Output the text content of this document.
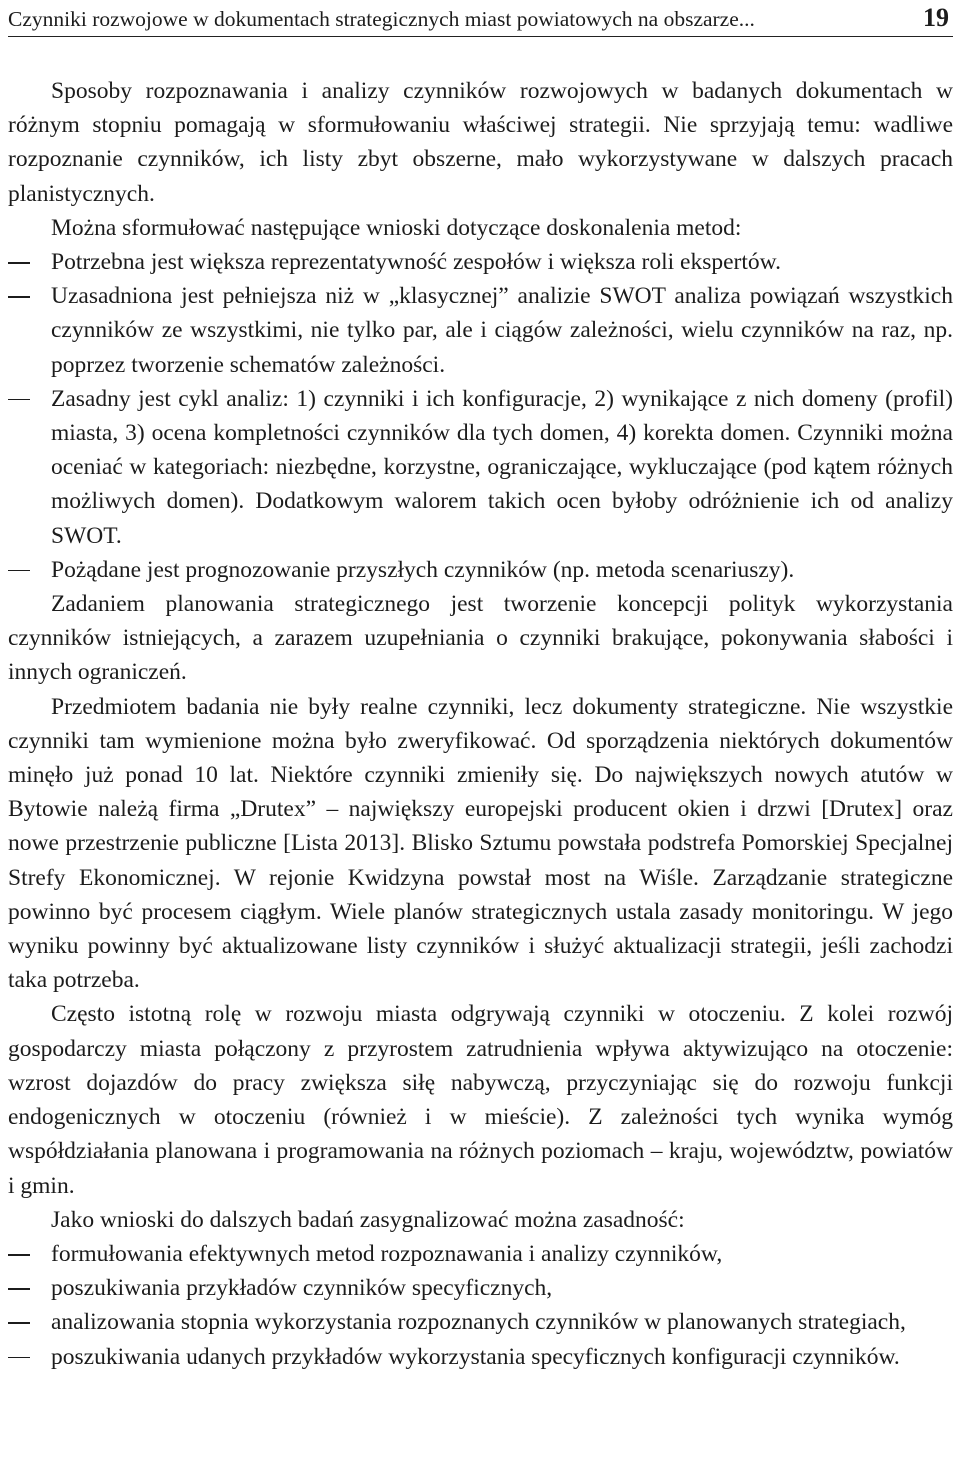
Czynniki rozwojowe w dokumentach strategicznych miast powiatowych na obszarze...	19

Sposoby rozpoznawania i analizy czynników rozwojowych w badanych dokumentach w różnym stopniu pomagają w sformułowaniu właściwej strategii. Nie sprzyjają temu: wadliwe rozpoznanie czynników, ich listy zbyt obszerne, mało wykorzystywane w dalszych pracach planistycznych.

Można sformułować następujące wnioski dotyczące doskonalenia metod:

Potrzebna jest większa reprezentatywność zespołów i większa roli ekspertów.
Uzasadniona jest pełniejsza niż w „klasycznej” analizie SWOT analiza powiązań wszystkich czynników ze wszystkimi, nie tylko par, ale i ciągów zależności, wielu czynników na raz, np. poprzez tworzenie schematów zależności.
Zasadny jest cykl analiz: 1) czynniki i ich konfiguracje, 2) wynikające z nich domeny (profil) miasta, 3) ocena kompletności czynników dla tych domen, 4) korekta domen. Czynniki można oceniać w kategoriach: niezbędne, korzystne, ograniczające, wykluczające (pod kątem różnych możliwych domen). Dodatkowym walorem takich ocen byłoby odróżnienie ich od analizy SWOT.
Pożądane jest prognozowanie przyszłych czynników (np. metoda scenariuszy).

Zadaniem planowania strategicznego jest tworzenie koncepcji polityk wykorzystania czynników istniejących, a zarazem uzupełniania o czynniki brakujące, pokonywania słabości i innych ograniczeń.

Przedmiotem badania nie były realne czynniki, lecz dokumenty strategiczne. Nie wszystkie czynniki tam wymienione można było zweryfikować. Od sporządzenia niektórych dokumentów minęło już ponad 10 lat. Niektóre czynniki zmieniły się. Do największych nowych atutów w Bytowie należą firma „Drutex” – największy europejski producent okien i drzwi [Drutex] oraz nowe przestrzenie publiczne [Lista 2013]. Blisko Sztumu powstała podstrefa Pomorskiej Specjalnej Strefy Ekonomicznej. W rejonie Kwidzyna powstał most na Wiśle. Zarządzanie strategiczne powinno być procesem ciągłym. Wiele planów strategicznych ustala zasady monitoringu. W jego wyniku powinny być aktualizowane listy czynników i służyć aktualizacji strategii, jeśli zachodzi taka potrzeba.

Często istotną rolę w rozwoju miasta odgrywają czynniki w otoczeniu. Z kolei rozwój gospodarczy miasta połączony z przyrostem zatrudnienia wpływa aktywizująco na otoczenie: wzrost dojazdów do pracy zwiększa siłę nabywczą, przyczyniając się do rozwoju funkcji endogenicznych w otoczeniu (również i w mieście). Z zależności tych wynika wymóg współdziałania planowana i programowania na różnych poziomach – kraju, województw, powiatów i gmin.

Jako wnioski do dalszych badań zasygnalizować można zasadność:

formułowania efektywnych metod rozpoznawania i analizy czynników,
poszukiwania przykładów czynników specyficznych,
analizowania stopnia wykorzystania rozpoznanych czynników w planowanych strategiach,
poszukiwania udanych przykładów wykorzystania specyficznych konfiguracji czynników.
